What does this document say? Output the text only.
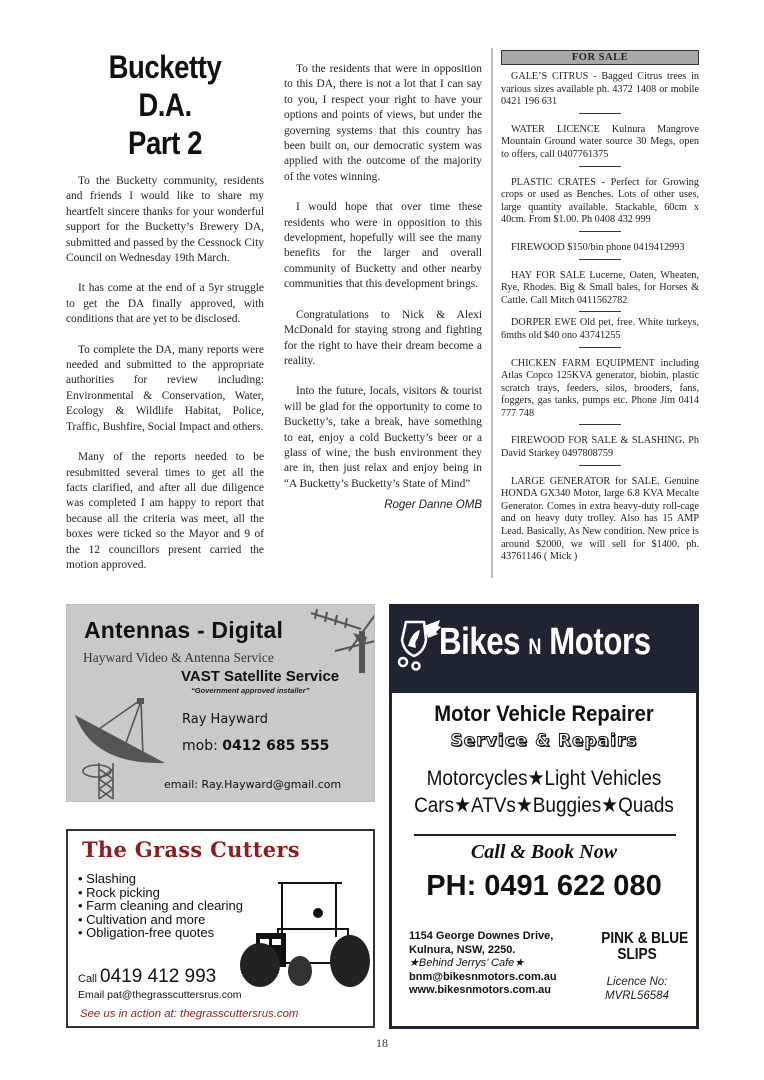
Bucketty D.A.
Part 2

To the Bucketty community, residents and friends I would like to share my heartfelt sincere thanks for your wonderful support for the Bucketty’s Brewery DA, submitted and passed by the Cessnock City Council on Wednesday 19th March.

It has come at the end of a 5yr struggle to get the DA finally approved, with conditions that are yet to be disclosed.

To complete the DA, many reports were needed and submitted to the appropriate authorities for review including: Environmental & Conservation, Water, Ecology & Wildlife Habitat, Police, Traffic, Bushfire, Social Impact and others.

Many of the reports needed to be resubmitted several times to get all the facts clarified, and after all due diligence was completed I am happy to report that because all the criteria was meet, all the boxes were ticked so the Mayor and 9 of the 12 councillors present carried the motion approved.

To the residents that were in opposition to this DA, there is not a lot that I can say to you, I respect your right to have your options and points of views, but under the governing systems that this country has been built on, our democratic system was applied with the outcome of the majority of the votes winning.

I would hope that over time these residents who were in opposition to this development, hopefully will see the many benefits for the larger and overall community of Bucketty and other nearby communities that this development brings.

Congratulations to Nick & Alexi McDonald for staying strong and fighting for the right to have their dream become a reality.

Into the future, locals, visitors & tourist will be glad for the opportunity to come to Bucketty’s, take a break, have something to eat, enjoy a cold Bucketty’s beer or a glass of wine, the bush environment they are in, then just relax and enjoy being in “A Bucketty’s Bucketty’s State of Mind”

Roger Danne OMB
FOR SALE
GALE’S CITRUS - Bagged Citrus trees in various sizes available ph. 4372 1408 or mobile 0421 196 631
WATER LICENCE Kulnura Mangrove Mountain Ground water source 30 Megs, open to offers, call 0407761375
PLASTIC CRATES - Perfect for Growing crops or used as Benches. Lots of other uses, large quantity available. Stackable, 60cm x 40cm. From $1.00. Ph 0408 432 999
FIREWOOD $150/bin phone 0419412993
HAY FOR SALE Lucerne, Oaten, Wheaten, Rye, Rhodes. Big & Small bales, for Horses & Cattle. Call Mitch 0411562782
DORPER EWE Old pet, free. White turkeys, 6mths old $40 ono 43741255
CHICKEN FARM EQUIPMENT including Atlas Copco 125KVA generator, biobin, plastic scratch trays, feeders, silos, brooders, fans, foggers, gas tanks, pumps etc. Phone Jim 0414 777 748
FIREWOOD FOR SALE & SLASHING. Ph David Starkey 0497808759
LARGE GENERATOR for SALE. Genuine HONDA GX340 Motor, large 6.8 KVA Mecalte Generator. Comes in extra heavy-duty roll-cage and on heavy duty trolley. Also has 15 AMP Lead. Basically, As New condition. New price is around $2000, we will sell for $1400. ph. 43761146 ( Mick )
Antennas - Digital
Hayward Video & Antenna Service
VAST Satellite Service
“Government approved installer”
Ray Hayward
mob: 0412 685 555
email: Ray.Hayward@gmail.com
The Grass Cutters
• Slashing
• Rock picking
• Farm cleaning and clearing
• Cultivation and more
• Obligation-free quotes
Call 0419 412 993
Email pat@thegrasscuttersrus.com
See us in action at: thegrasscuttersrus.com
Bikes N Motors
Motor Vehicle Repairer
Service & Repairs
Motorcycles★Light Vehicles
Cars★ATVs★Buggies★Quads
Call & Book Now
PH: 0491 622 080
1154 George Downes Drive,
Kulnura, NSW, 2250.
★Behind Jerrys’ Cafe★
bnm@bikesnmotors.com.au
www.bikesnmotors.com.au
PINK & BLUE
SLIPS
Licence No:
MVRL56584
18
